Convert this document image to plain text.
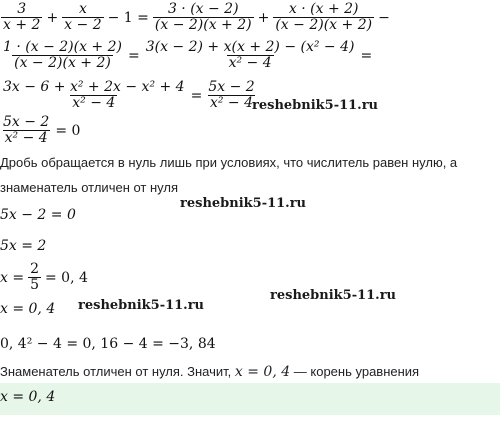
$\frac{3}{x + 2} + \frac{x}{x - 2} - 1 = \frac{3 \cdot (x - 2)}{(x - 2)(x + 2)} + \frac{x \cdot (x + 2)}{(x - 2)(x + 2)}$ −
$\frac{1 \cdot (x - 2)(x + 2)}{(x - 2)(x + 2)} = \frac{\text{3(x − 2) + x(x + 2) − (x² − 4)}}{\text{x² − 4}}$ =
$\frac{\text{3x − 6 + x² + 2x − x² + 4}}{\text{x² − 4}} = \frac{5x - 2}{\text{x² − 4}}$
reshebnik5-11.ru
$\frac{5x - 2}{\text{x² − 4}} = 0$
Дробь обращается в нуль лишь при условиях, что числитель равен нулю, а
знаменатель отличен от нуля
reshebnik5-11.ru
5x − 2 = 0
5x = 2
$x = \frac{2}{5} = 0$, 4
x = 0, 4 reshebnik5-11.ru
reshebnik5-11.ru
0, 4² − 4 = 0, 16 − 4 = −3, 84
Знаменатель отличен от нуля. Значит, x = 0, 4 — корень уравнения
x = 0, 4
